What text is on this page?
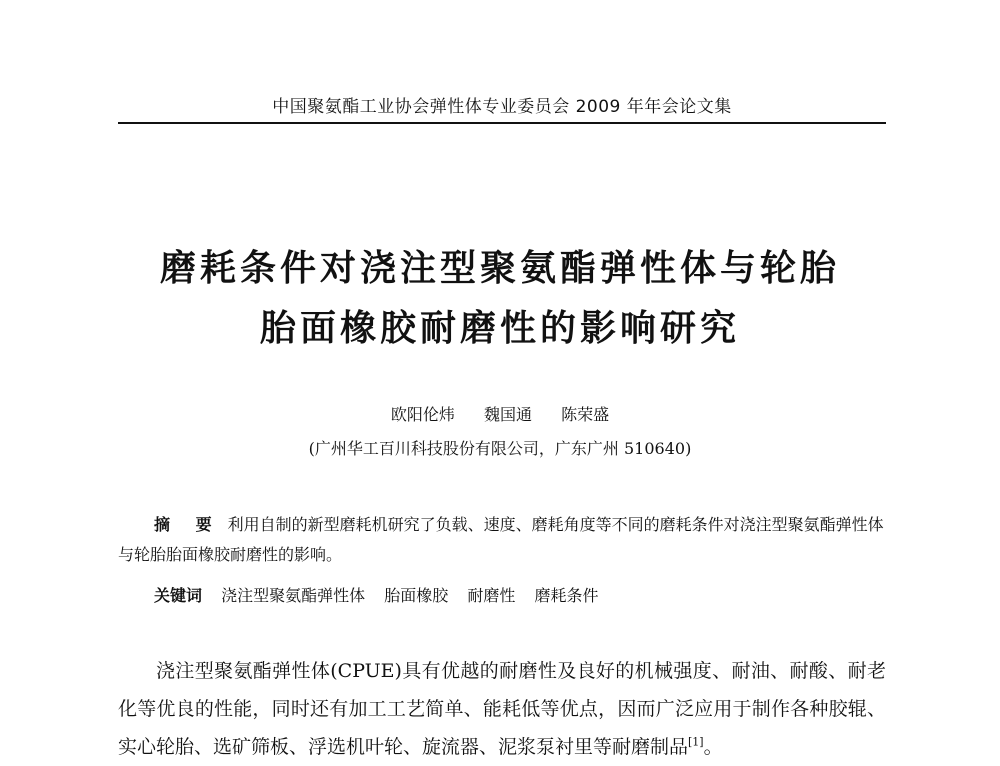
中国聚氨酯工业协会弹性体专业委员会 2009 年年会论文集
磨耗条件对浇注型聚氨酯弹性体与轮胎
胎面橡胶耐磨性的影响研究
欧阳伦炜 魏国通 陈荣盛
(广州华工百川科技股份有限公司，广东广州 510640)
摘 要 利用自制的新型磨耗机研究了负载、速度、磨耗角度等不同的磨耗条件对浇注型聚氨酯弹性体与轮胎胎面橡胶耐磨性的影响。
关键词 浇注型聚氨酯弹性体 胎面橡胶 耐磨性 磨耗条件
浇注型聚氨酯弹性体(CPUE)具有优越的耐磨性及良好的机械强度、耐油、耐酸、耐老化等优良的性能，同时还有加工工艺简单、能耗低等优点，因而广泛应用于制作各种胶辊、实心轮胎、选矿筛板、浮选机叶轮、旋流器、泥浆泵衬里等耐磨制品[1]。
